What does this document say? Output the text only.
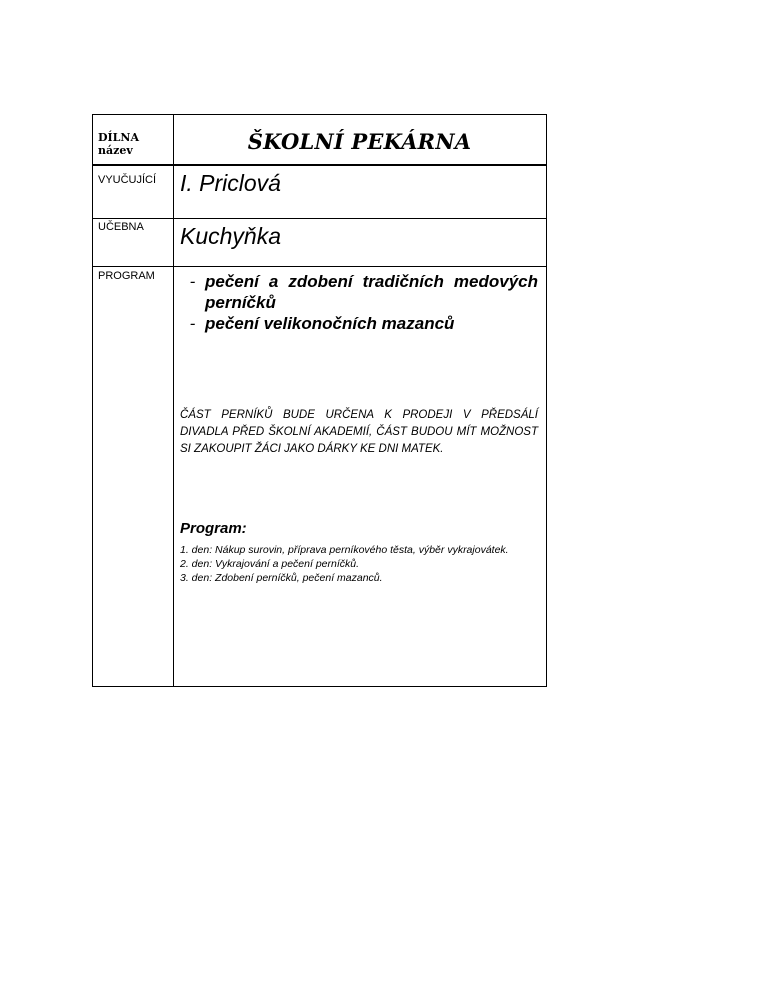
DÍLNA
název	ŠKOLNÍ PEKÁRNA
VYUČUJÍCÍ I. Priclová
UČEBNA Kuchyňka
PROGRAM	- pečení a zdobení tradičních medových perníčků
- pečení velikonočních mazanců
ČÁST PERNÍKŮ BUDE URČENA K PRODEJI V PŘEDSÁLÍ DIVADLA PŘED ŠKOLNÍ AKADEMIÍ, ČÁST BUDOU MÍT MOŽNOST SI ZAKOUPIT ŽÁCI JAKO DÁRKY KE DNI MATEK.
Program:
1. den: Nákup surovin, příprava perníkového těsta, výběr vykrajovátek.
2. den: Vykrajování a pečení perníčků.
3. den: Zdobení perníčků, pečení mazanců.
